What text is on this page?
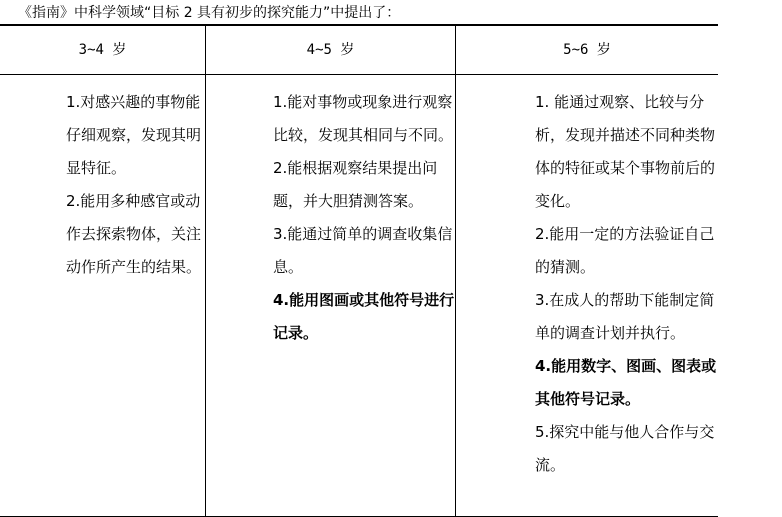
《指南》中科学领域“目标 2 具有初步的探究能力”中提出了：
3~4 岁	4~5 岁	5~6 岁

1.对感兴趣的事物能仔细观察，发现其明显特征。

2.能用多种感官或动作去探索物体，关注动作所产生的结果。

1.能对事物或现象进行观察比较，发现其相同与不同。

2.能根据观察结果提出问题，并大胆猜测答案。

3.能通过简单的调查收集信息。

4.能用图画或其他符号进行记录。

1. 能通过观察、比较与分析，发现并描述不同种类物体的特征或某个事物前后的变化。

2.能用一定的方法验证自己的猜测。

3.在成人的帮助下能制定简单的调查计划并执行。

4.能用数字、图画、图表或其他符号记录。

5.探究中能与他人合作与交流。
